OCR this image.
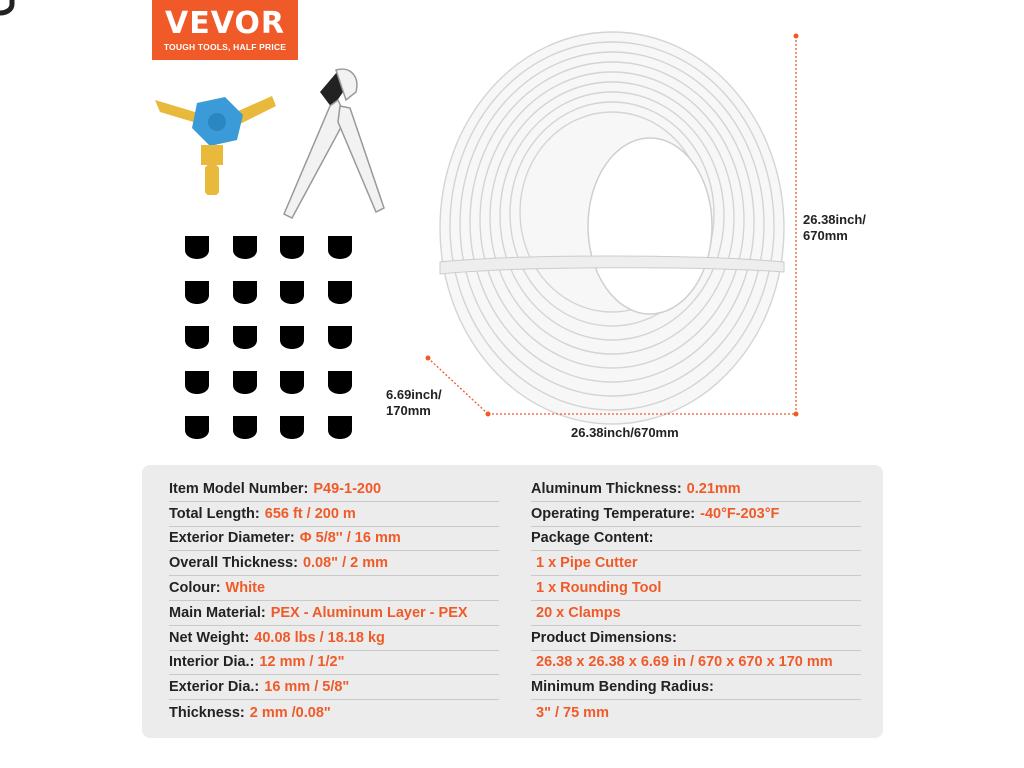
VEVOR
TOUGH TOOLS, HALF PRICE
26.38inch/
670mm
6.69inch/
170mm
26.38inch/670mm
Item Model Number: P49-1-200
Total Length: 656 ft / 200 m
Exterior Diameter: Φ 5/8'' / 16 mm
Overall Thickness: 0.08" / 2 mm
Colour: White
Main Material: PEX - Aluminum Layer - PEX
Net Weight: 40.08 lbs / 18.18 kg
Interior Dia.: 12 mm / 1/2"
Exterior Dia.: 16 mm / 5/8"
Thickness: 2 mm /0.08"
Aluminum Thickness: 0.21mm
Operating Temperature: -40°F-203°F
Package Content:
1 x Pipe Cutter
1 x Rounding Tool
20 x Clamps
Product Dimensions:
26.38 x 26.38 x 6.69 in / 670 x 670 x 170 mm
Minimum Bending Radius:
3" / 75 mm
